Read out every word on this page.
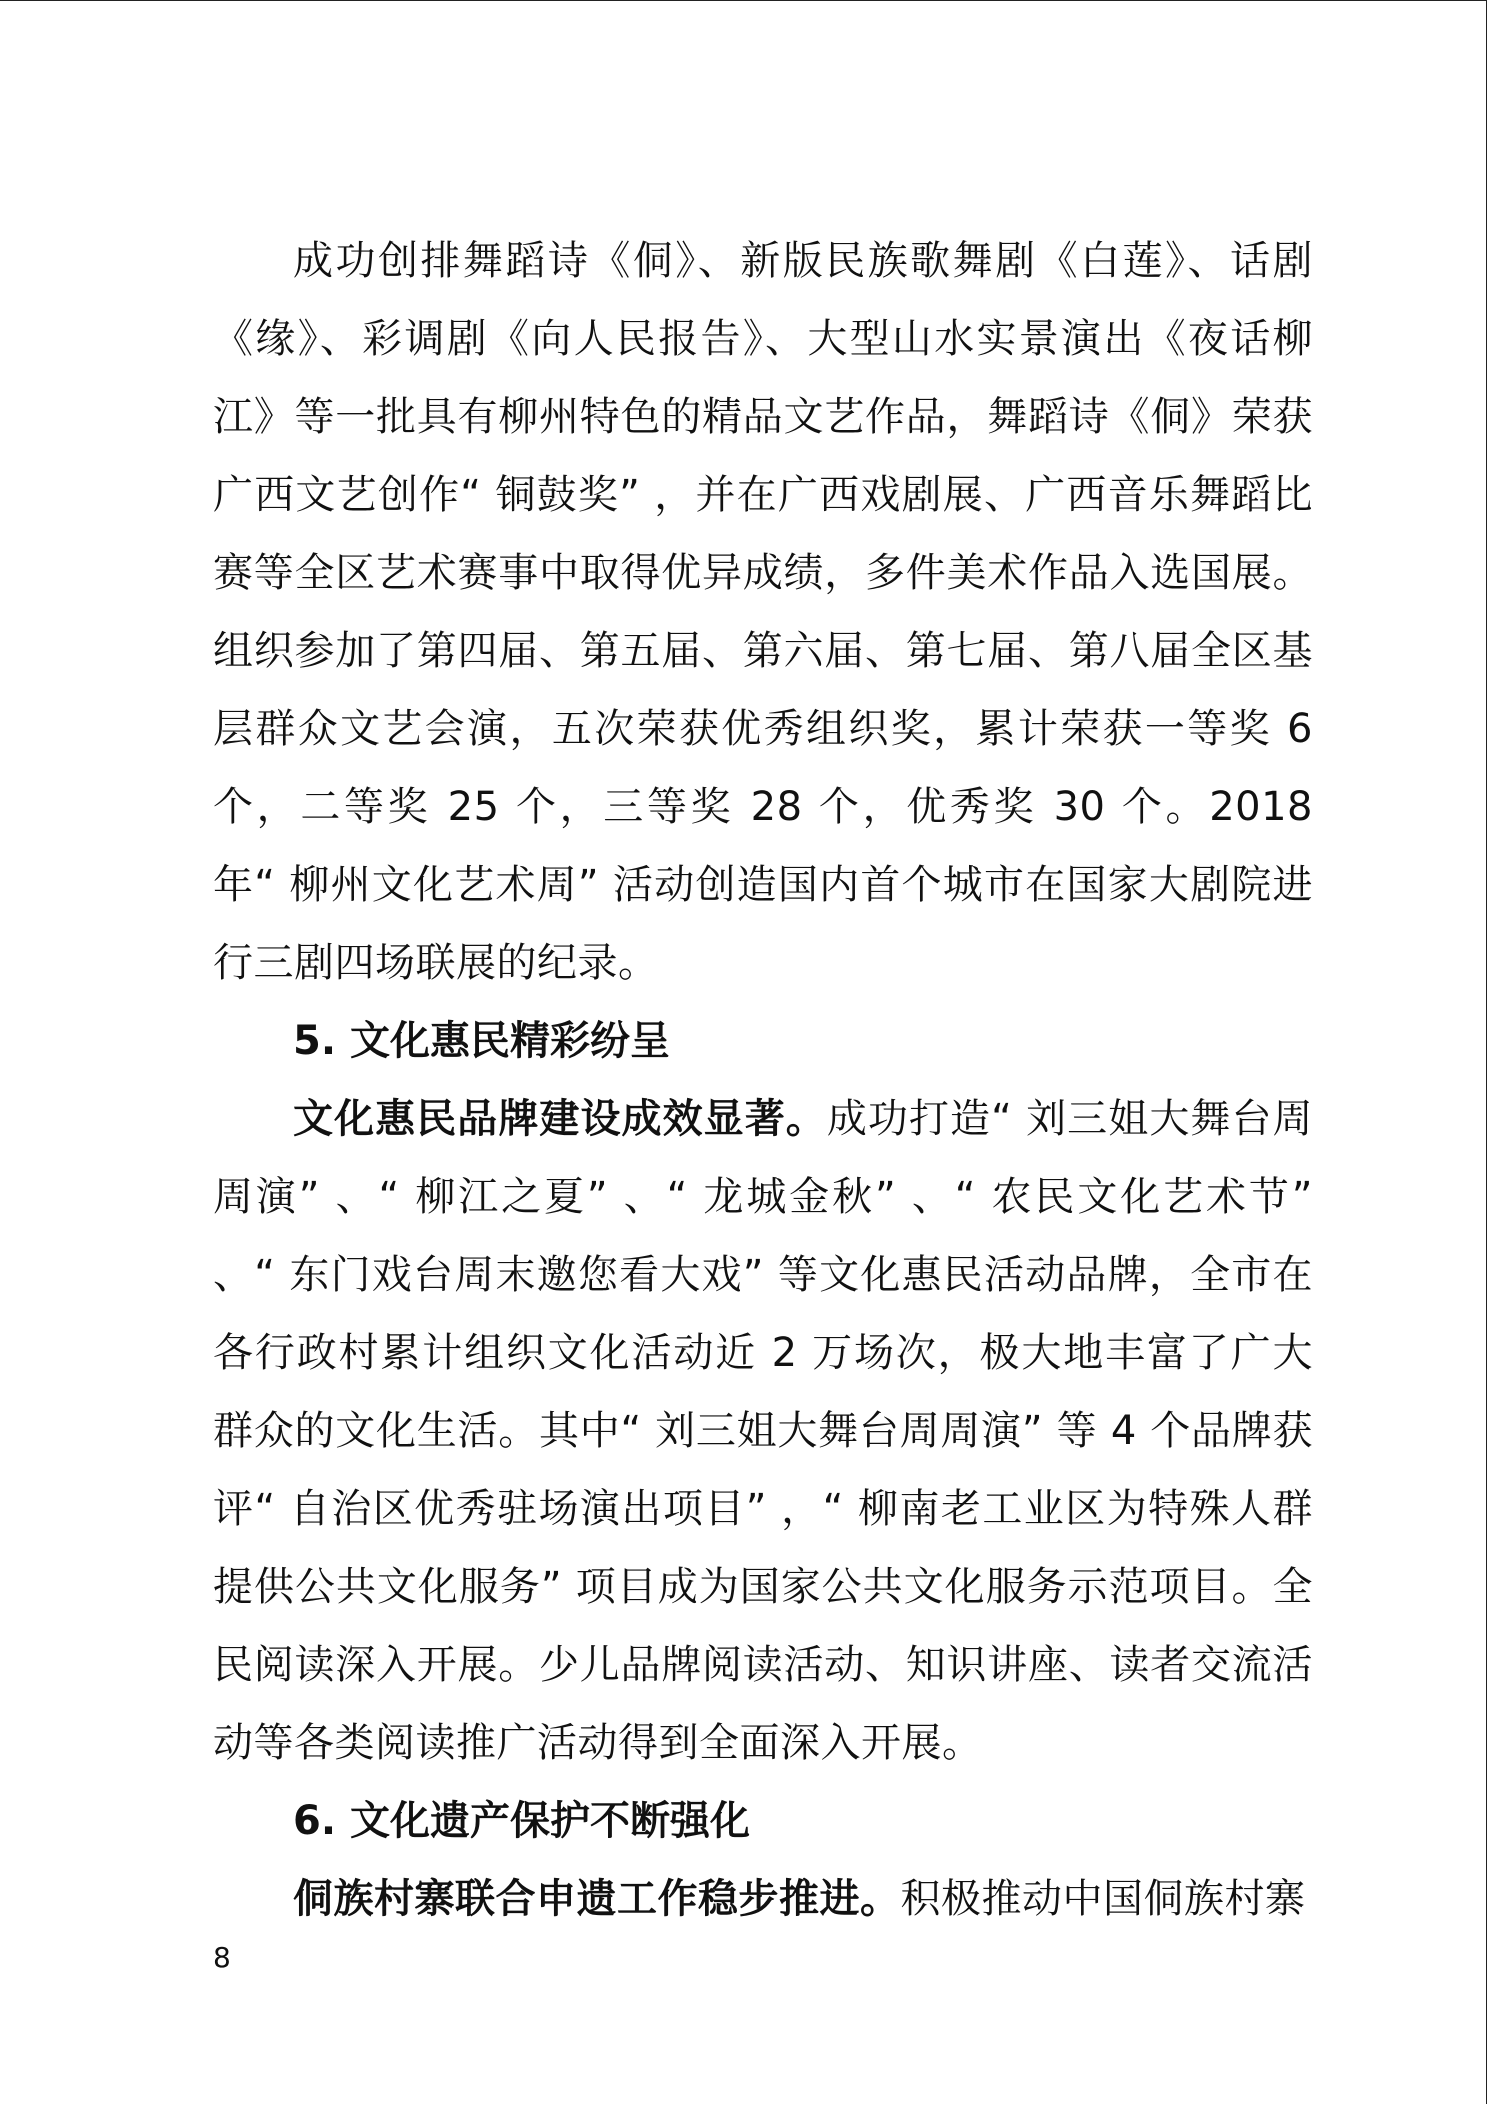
成功创排舞蹈诗《侗》、新版民族歌舞剧《白莲》、话剧《缘》、彩调剧《向人民报告》、大型山水实景演出《夜话柳江》等一批具有柳州特色的精品文艺作品，舞蹈诗《侗》荣获广西文艺创作“ 铜鼓奖” ，并在广西戏剧展、广西音乐舞蹈比赛等全区艺术赛事中取得优异成绩，多件美术作品入选国展。组织参加了第四届、第五届、第六届、第七届、第八届全区基层群众文艺会演，五次荣获优秀组织奖，累计荣获一等奖 6 个，二等奖 25 个，三等奖 28 个，优秀奖 30 个。2018 年“ 柳州文化艺术周” 活动创造国内首个城市在国家大剧院进行三剧四场联展的纪录。

5. 文化惠民精彩纷呈

文化惠民品牌建设成效显著。成功打造“ 刘三姐大舞台周周演” 、“ 柳江之夏” 、“ 龙城金秋” 、“ 农民文化艺术节” 、“ 东门戏台周末邀您看大戏” 等文化惠民活动品牌，全市在各行政村累计组织文化活动近 2 万场次，极大地丰富了广大群众的文化生活。其中“ 刘三姐大舞台周周演” 等 4 个品牌获评“ 自治区优秀驻场演出项目” ，“ 柳南老工业区为特殊人群提供公共文化服务” 项目成为国家公共文化服务示范项目。全民阅读深入开展。少儿品牌阅读活动、知识讲座、读者交流活动等各类阅读推广活动得到全面深入开展。

6. 文化遗产保护不断强化

侗族村寨联合申遗工作稳步推进。积极推动中国侗族村寨

8
